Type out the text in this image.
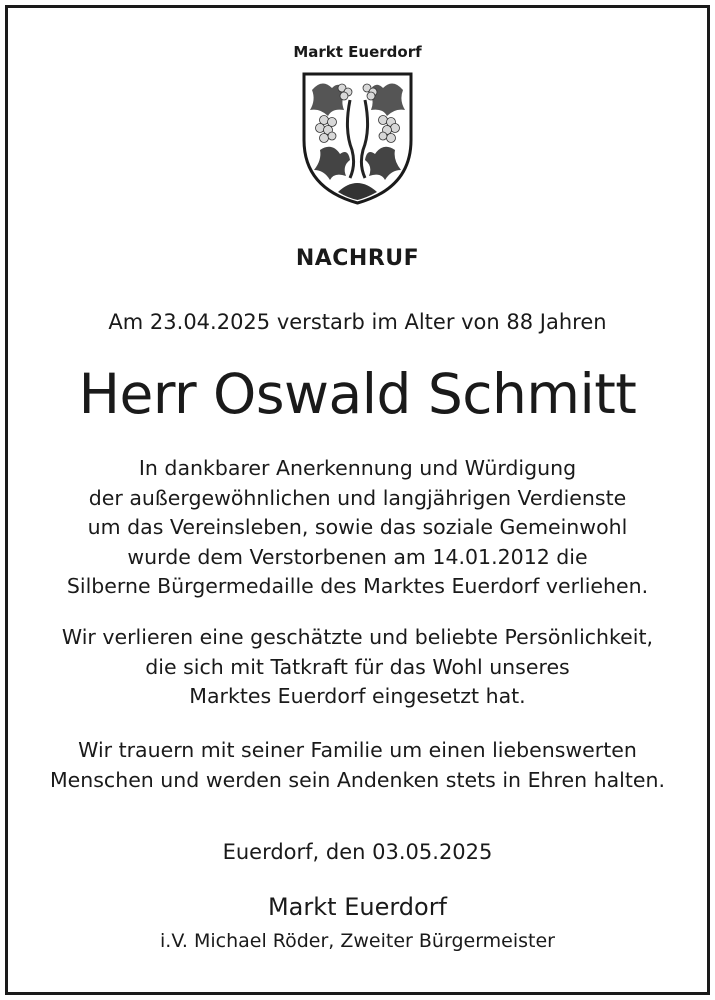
Markt Euerdorf
NACHRUF
Am 23.04.2025 verstarb im Alter von 88 Jahren
Herr Oswald Schmitt
In dankbarer Anerkennung und Würdigung
der außergewöhnlichen und langjährigen Verdienste
um das Vereinsleben, sowie das soziale Gemeinwohl
wurde dem Verstorbenen am 14.01.2012 die
Silberne Bürgermedaille des Marktes Euerdorf verliehen.
Wir verlieren eine geschätzte und beliebte Persönlichkeit,
die sich mit Tatkraft für das Wohl unseres
Marktes Euerdorf eingesetzt hat.
Wir trauern mit seiner Familie um einen liebenswerten
Menschen und werden sein Andenken stets in Ehren halten.
Euerdorf, den 03.05.2025
Markt Euerdorf
i.V. Michael Röder, Zweiter Bürgermeister
